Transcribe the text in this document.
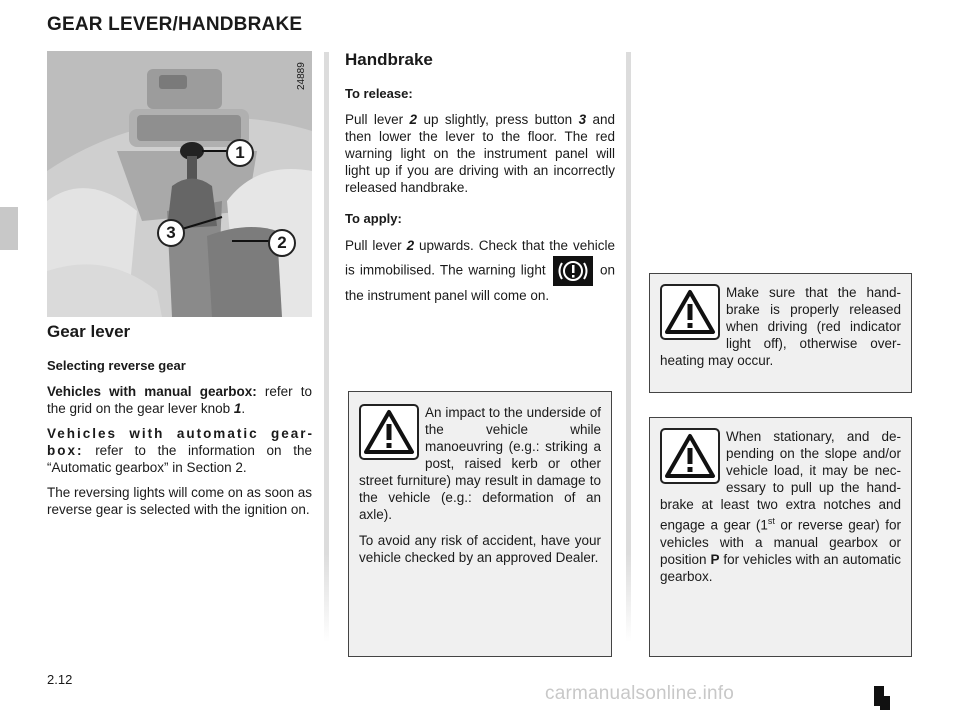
GEAR LEVER/HANDBRAKE
1
2
3
24889
Gear lever

Selecting reverse gear

Vehicles with manual gearbox: refer to the grid on the gear lever knob 1.

Vehicles with automatic gearbox: refer to the information on the “Automatic gearbox” in Section 2.

The reversing lights will come on as soon as reverse gear is selected with the ignition on.

Handbrake

To release:

Pull lever 2 up slightly, press button 3 and then lower the lever to the floor. The red warning light on the instrument panel will light up if you are driving with an incorrectly released handbrake.

To apply:

Pull lever 2 upwards. Check that the vehicle is immobilised. The warning light	on the instrument panel will come on.

An impact to the underside of the vehicle while manoeuvring (e.g.: striking a post, raised kerb or other street furniture) may result in damage to the vehicle (e.g.: deformation of an axle).

To avoid any risk of accident, have your vehicle checked by an approved Dealer.

Make sure that the handbrake is properly released when driving (red indicator light off), otherwise overheating may occur.

When stationary, and depending on the slope and/or vehicle load, it may be necessary to pull up the handbrake at least two extra notches and engage a gear (1st or reverse gear) for vehicles with a manual gearbox or position P for vehicles with an automatic gearbox.

2.12
carmanualsonline.info
